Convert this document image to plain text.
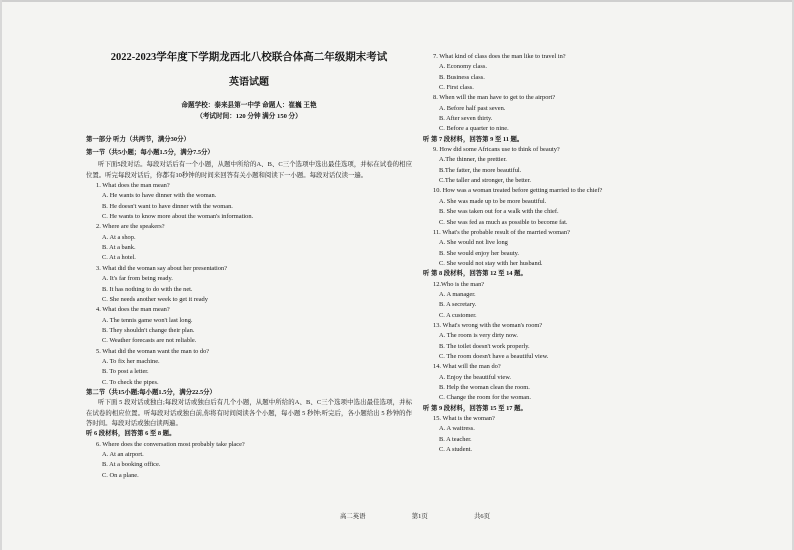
2022-2023学年度下学期龙西北八校联合体高二年级期末考试
英语试题
命题学校：泰来县第一中学 命题人：崔巍 王艳
（考试时间：120 分钟 满分 150 分）
第一部分 听力（共两节，满分30分）
第一节（共5小题；每小题1.5分，满分7.5分）
听下面5段对话。每段对话后有一个小题，从题中所给的A、B、C三个选项中选出最佳选项，并标在试卷的相应位置。听完每段对话后，你都有10秒钟的时间来回答有关小题和阅读下一小题。每段对话仅读一遍。
1. What does the man mean?
A. He wants to have dinner with the woman.
B. He doesn't want to have dinner with the woman.
C. He wants to know more about the woman's information.
2. Where are the speakers?
A. At a shop.
B. At a bank.
C. At a hotel.
3. What did the woman say about her presentation?
A. It's far from being ready.
B. It has nothing to do with the net.
C. She needs another week to get it ready
4. What does the man mean?
A. The tennis game won't last long.
B. They shouldn't change their plan.
C. Weather forecasts are not reliable.
5. What did the woman want the man to do?
A. To fix her machine.
B. To post a letter.
C. To check the pipes.
第二节（共15小题;每小题1.5分，满分22.5分）
听下面 5 段对话或独白;每段对话或独白后有几个小题，从题中所给的A、B、C三个选项中选出最佳选项，并标在试卷的相应位置。听每段对话或独白前,你将有时间阅读各个小题，每小题 5 秒钟;听完后，各小题给出 5 秒钟的作答时间。每段对话或独白读两遍。
听 6 段材料，回答第 6 至 8 题。
6. Where does the conversation most probably take place?
A. At an airport.
B. At a booking office.
C. On a plane.
7. What kind of class does the man like to travel in?
A. Economy class.
B. Business class.
C. First class.
8. When will the man have to get to the airport?
A. Before half past seven.
B. After seven thirty.
C. Before a quarter to nine.
听 第 7 段材料，回答第 9 至 11 题。
9. How did some Africans use to think of beauty?
A.The thinner, the prettier.
B.The fatter, the more beautiful.
C.The taller and stronger, the better.
10. How was a woman treated before getting married to the chief?
A. She was made up to be more beautiful.
B. She was taken out for a walk with the chief.
C. She was fed as much as possible to become fat.
11. What's the probable result of the married woman?
A. She would not live long
B. She would enjoy her beauty.
C. She would not stay with her husband.
听 第 8 段材料，回答第 12 至 14 题。
12.Who is the man?
A. A manager.
B. A secretary.
C. A customer.
13. What's wrong with the woman's room?
A. The room is very dirty now.
B. The toilet doesn't work properly.
C. The room doesn't have a beautiful view.
14. What will the man do?
A. Enjoy the beautiful view.
B. Help the woman clean the room.
C. Change the room for the woman.
听 第 9 段材料，回答第 15 至 17 题。
15. What is the woman?
A. A waitress.
B. A teacher.
C. A student.
高二英语	第1页	共6页
